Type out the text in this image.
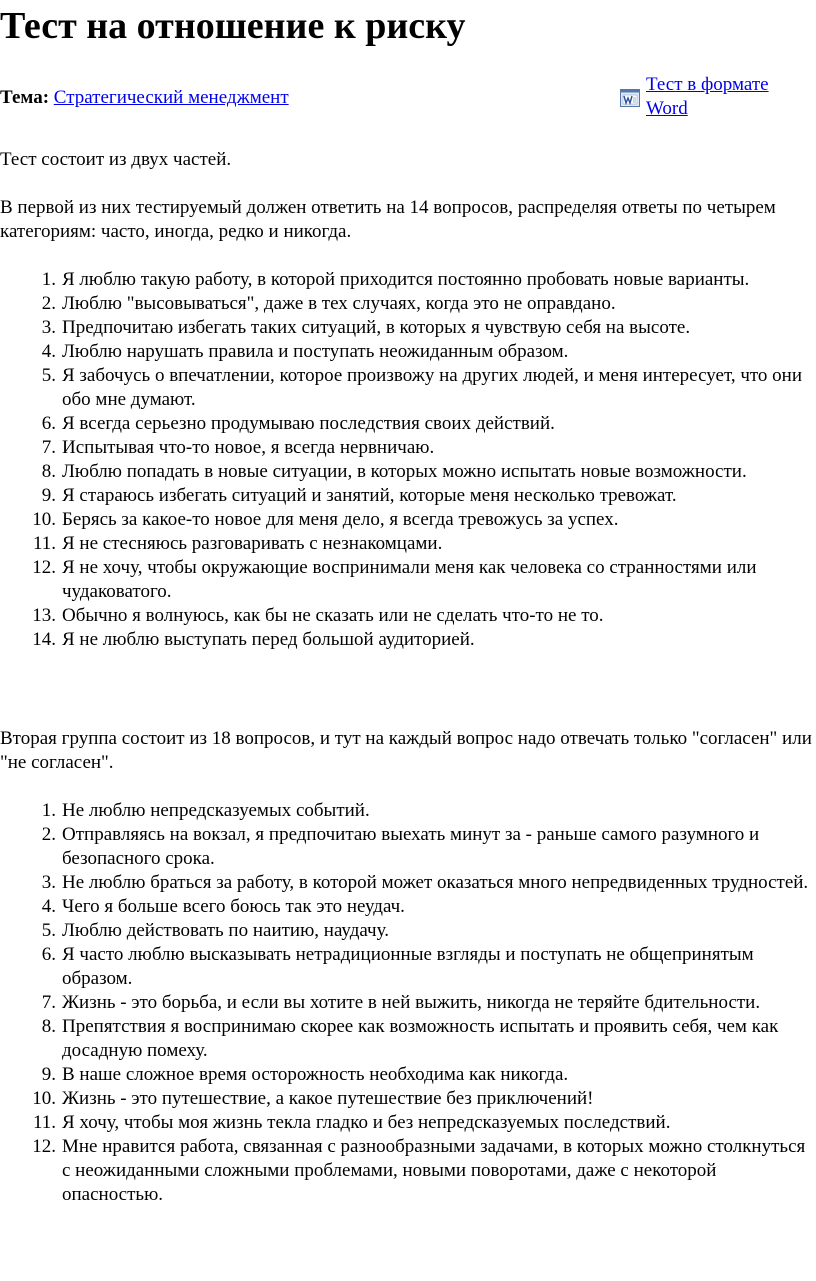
Тест на отношение к риску
Тема: Стратегический менеджмент
Тест в формате Word
Тест состоит из двух частей.
В первой из них тестируемый должен ответить на 14 вопросов, распределяя ответы по четырем категориям: часто, иногда, редко и никогда.
1. Я люблю такую работу, в которой приходится постоянно пробовать новые варианты.
2. Люблю "высовываться", даже в тех случаях, когда это не оправдано.
3. Предпочитаю избегать таких ситуаций, в которых я чувствую себя на высоте.
4. Люблю нарушать правила и поступать неожиданным образом.
5. Я забочусь о впечатлении, которое произвожу на других людей, и меня интересует, что они обо мне думают.
6. Я всегда серьезно продумываю последствия своих действий.
7. Испытывая что-то новое, я всегда нервничаю.
8. Люблю попадать в новые ситуации, в которых можно испытать новые возможности.
9. Я стараюсь избегать ситуаций и занятий, которые меня несколько тревожат.
10. Берясь за какое-то новое для меня дело, я всегда тревожусь за успех.
11. Я не стесняюсь разговаривать с незнакомцами.
12. Я не хочу, чтобы окружающие воспринимали меня как человека со странностями или чудаковатого.
13. Обычно я волнуюсь, как бы не сказать или не сделать что-то не то.
14. Я не люблю выступать перед большой аудиторией.
Вторая группа состоит из 18 вопросов, и тут на каждый вопрос надо отвечать только "согласен" или "не согласен".
1. Не люблю непредсказуемых событий.
2. Отправляясь на вокзал, я предпочитаю выехать минут за - раньше самого разумного и безопасного срока.
3. Не люблю браться за работу, в которой может оказаться много непредвиденных трудностей.
4. Чего я больше всего боюсь так это неудач.
5. Люблю действовать по наитию, наудачу.
6. Я часто люблю высказывать нетрадиционные взгляды и поступать не общепринятым образом.
7. Жизнь - это борьба, и если вы хотите в ней выжить, никогда не теряйте бдительности.
8. Препятствия я воспринимаю скорее как возможность испытать и проявить себя, чем как досадную помеху.
9. В наше сложное время осторожность необходима как никогда.
10. Жизнь - это путешествие, а какое путешествие без приключений!
11. Я хочу, чтобы моя жизнь текла гладко и без непредсказуемых последствий.
12. Мне нравится работа, связанная с разнообразными задачами, в которых можно столкнуться с неожиданными сложными проблемами, новыми поворотами, даже с некоторой опасностью.
